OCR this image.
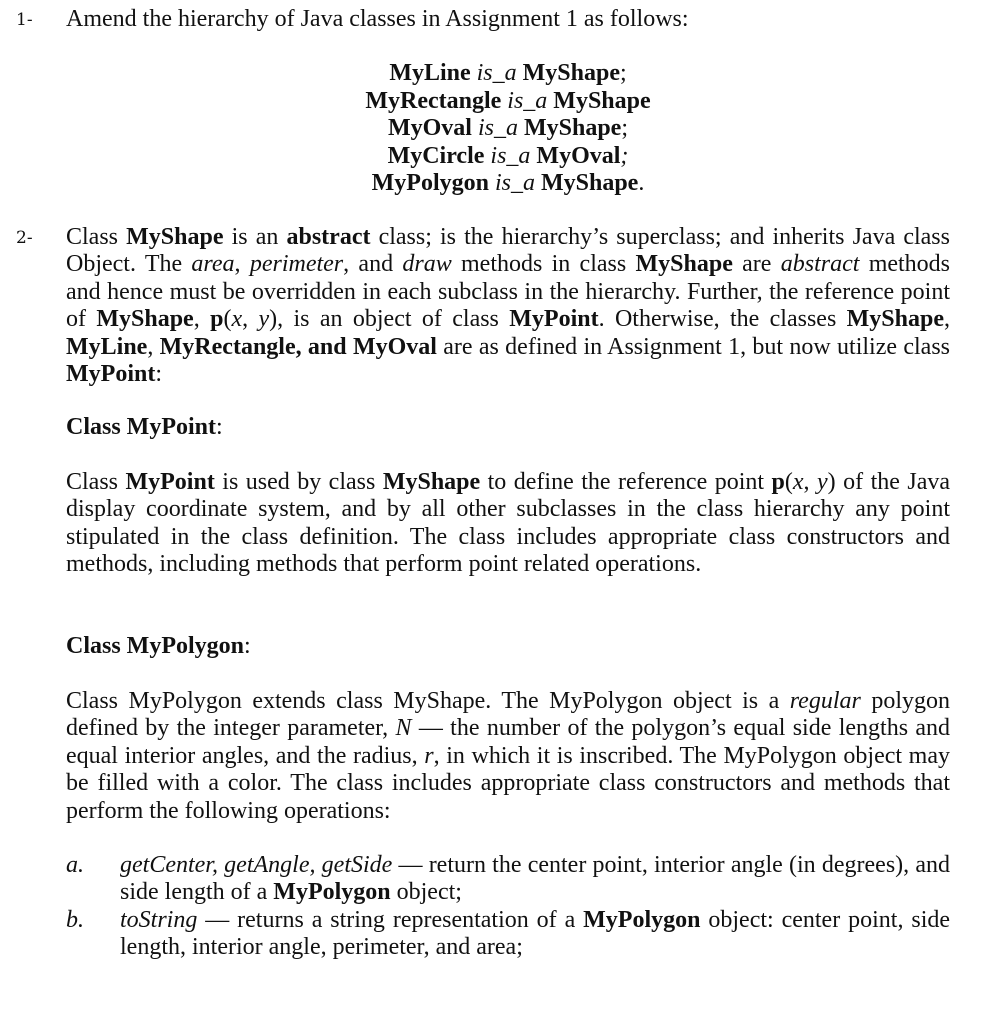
1- Amend the hierarchy of Java classes in Assignment 1 as follows:

MyLine is_a MyShape;
MyRectangle is_a MyShape
MyOval is_a MyShape;
MyCircle is_a MyOval;
MyPolygon is_a MyShape.
2- Class MyShape is an abstract class; is the hierarchy’s superclass; and inherits Java class Object. The area, perimeter, and draw methods in class MyShape are abstract methods and hence must be overridden in each subclass in the hierarchy. Further, the reference point of MyShape, p(x, y), is an object of class MyPoint. Otherwise, the classes MyShape, MyLine, MyRectangle, and MyOval are as defined in Assignment 1, but now utilize class MyPoint:

Class MyPoint:

Class MyPoint is used by class MyShape to define the reference point p(x, y) of the Java display coordinate system, and by all other subclasses in the class hierarchy any point stipulated in the class definition. The class includes appropriate class constructors and methods, including methods that perform point related operations.

Class MyPolygon:

Class MyPolygon extends class MyShape. The MyPolygon object is a regular polygon defined by the integer parameter, N — the number of the polygon’s equal side lengths and equal interior angles, and the radius, r, in which it is inscribed. The MyPolygon object may be filled with a color. The class includes appropriate class constructors and methods that perform the following operations:

a. getCenter, getAngle, getSide — return the center point, interior angle (in degrees), and side length of a MyPolygon object;

b. toString — returns a string representation of a MyPolygon object: center point, side length, interior angle, perimeter, and area;
